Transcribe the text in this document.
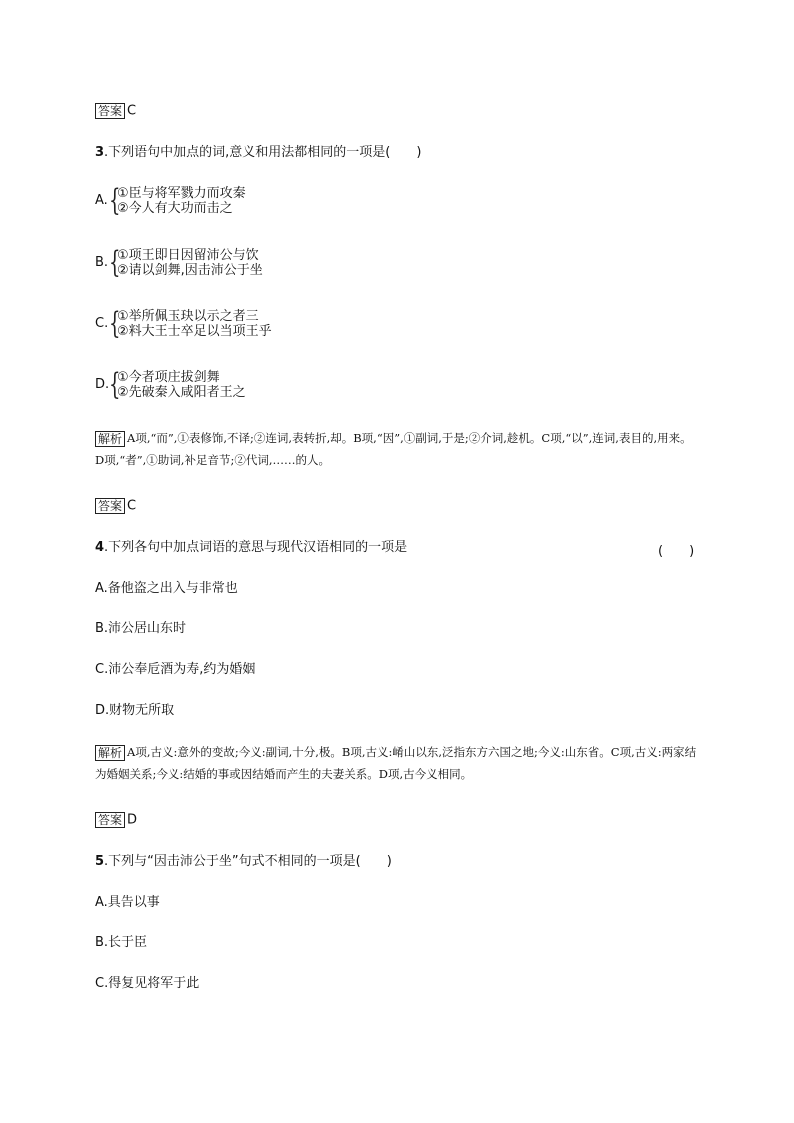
答案 C
3.下列语句中加点的词,意义和用法都相同的一项是(　　)
A. {
①臣与将军戮力而攻秦
②今人有大功而击之
B. {
①项王即日因留沛公与饮
②请以剑舞,因击沛公于坐
C. {
①举所佩玉玦以示之者三
②料大王士卒足以当项王乎
D. {
①今者项庄拔剑舞
②先破秦入咸阳者王之
解析 A项,“而”,①表修饰,不译;②连词,表转折,却。B项,“因”,①副词,于是;②介词,趁机。C项,“以”,连词,表目的,用来。D项,“者”,①助词,补足音节;②代词,……的人。
答案 C
4.下列各句中加点词语的意思与现代汉语相同的一项是	(　　)
A.备他盗之出入与非常也
B.沛公居山东时
C.沛公奉卮酒为寿,约为婚姻
D.财物无所取
解析 A项,古义:意外的变故;今义:副词,十分,极。B项,古义:崤山以东,泛指东方六国之地;今义:山东省。C项,古义:两家结为婚姻关系;今义:结婚的事或因结婚而产生的夫妻关系。D项,古今义相同。
答案 D
5.下列与“因击沛公于坐”句式不相同的一项是(　　)
A.具告以事
B.长于臣
C.得复见将军于此
